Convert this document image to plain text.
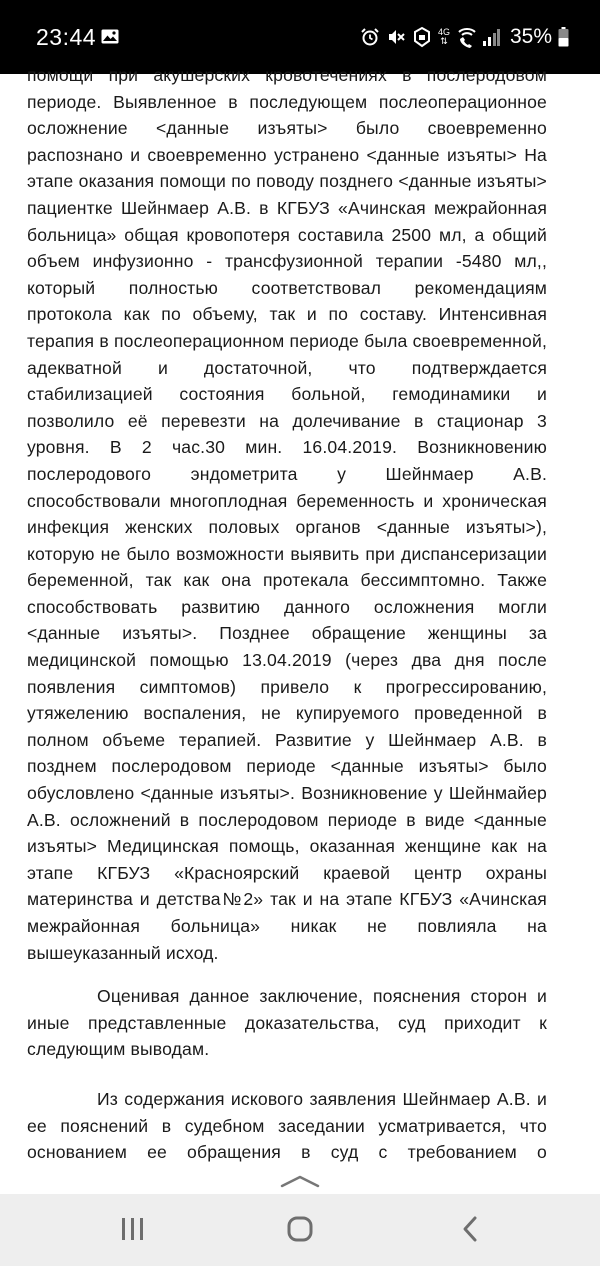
23:44	4G
⇅	35%

помощи при акушерских кровотечениях в послеродовом периоде. Выявленное в последующем послеоперационное осложнение <данные изъяты> было своевременно распознано и своевременно устранено <данные изъяты> На этапе оказания помощи по поводу позднего <данные изъяты> пациентке Шейнмаер А.В. в КГБУЗ «Ачинская межрайонная больница» общая кровопотеря составила 2500 мл, а общий объем инфузионно - трансфузионной терапии -5480 мл,, который полностью соответствовал рекомендациям протокола как по объему, так и по составу. Интенсивная терапия в послеоперационном периоде была своевременной, адекватной и достаточной, что подтверждается стабилизацией состояния больной, гемодинамики и позволило её перевезти на долечивание в стационар 3 уровня. В 2 час.30 мин. 16.04.2019. Возникновению послеродового эндометрита у Шейнмаер А.В. способствовали многоплодная беременность и хроническая инфекция женских половых органов <данные изъяты>), которую не было возможности выявить при диспансеризации беременной, так как она протекала бессимптомно. Также способствовать развитию данного осложнения могли <данные изъяты>. Позднее обращение женщины за медицинской помощью 13.04.2019 (через два дня после появления симптомов) привело к прогрессированию, утяжелению воспаления, не купируемого проведенной в полном объеме терапией. Развитие у Шейнмаер А.В. в позднем послеродовом периоде <данные изъяты> было обусловлено <данные изъяты>. Возникновение у Шейнмайер А.В. осложнений в послеродовом периоде в виде <данные изъяты> Медицинская помощь, оказанная женщине как на этапе КГБУЗ «Красноярский краевой центр охраны материнства и детства№2» так и на этапе КГБУЗ «Ачинская межрайонная больница» никак не повлияла на вышеуказанный исход.

Оценивая данное заключение, пояснения сторон и иные представленные доказательства, суд приходит к следующим выводам.

Из содержания искового заявления Шейнмаер А.В. и ее пояснений в судебном заседании усматривается, что основанием ее обращения в суд с требованием о
